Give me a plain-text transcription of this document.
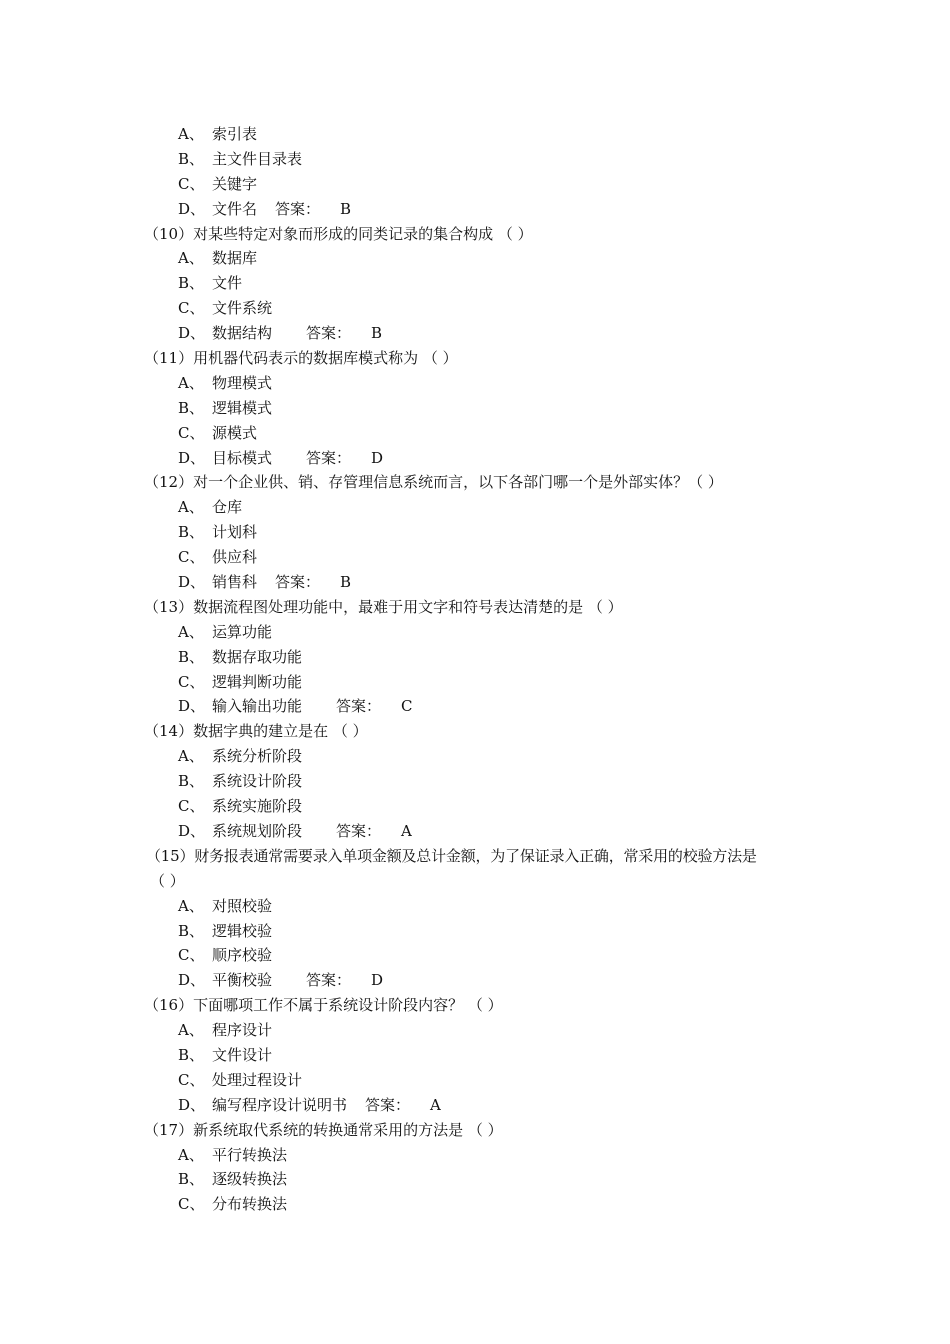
A、 索引表
B、 主文件目录表
C、 关键字
D、 文件名 答案： B
（10）对某些特定对象而形成的同类记录的集合构成 （ ）
A、 数据库
B、 文件
C、 文件系统
D、 数据结构 答案： B
（11）用机器代码表示的数据库模式称为 （ ）
A、 物理模式
B、 逻辑模式
C、 源模式
D、 目标模式 答案： D
（12）对一个企业供、销、存管理信息系统而言，以下各部门哪一个是外部实体？（ ）
A、 仓库
B、 计划科
C、 供应科
D、 销售科 答案： B
（13）数据流程图处理功能中，最难于用文字和符号表达清楚的是 （ ）
A、 运算功能
B、 数据存取功能
C、 逻辑判断功能
D、 输入输出功能 答案： C
（14）数据字典的建立是在 （ ）
A、 系统分析阶段
B、 系统设计阶段
C、 系统实施阶段
D、 系统规划阶段 答案： A
（15）财务报表通常需要录入单项金额及总计金额，为了保证录入正确，常采用的校验方法是
（ ）
A、 对照校验
B、 逻辑校验
C、 顺序校验
D、 平衡校验 答案： D
（16）下面哪项工作不属于系统设计阶段内容？ （ ）
A、 程序设计
B、 文件设计
C、 处理过程设计
D、 编写程序设计说明书 答案： A
（17）新系统取代系统的转换通常采用的方法是 （ ）
A、 平行转换法
B、 逐级转换法
C、 分布转换法
